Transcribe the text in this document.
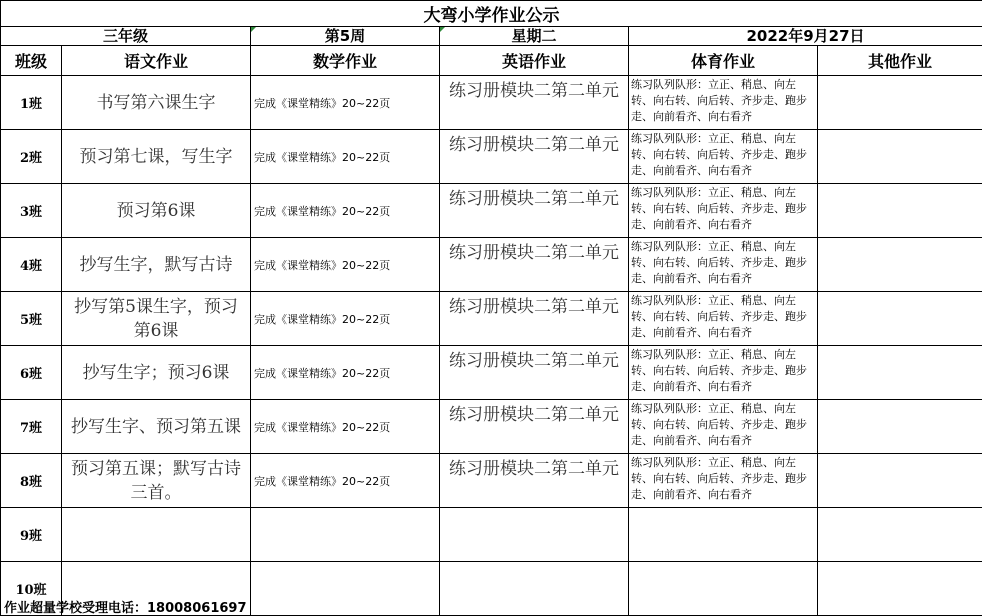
大弯小学作业公示					
三年级		第5周	星期二	2022年9月27日	
班级	语文作业	数学作业	英语作业	体育作业	其他作业
1班	书写第六课生字	完成《课堂精练》20~22页	练习册模块二第二单元	练习队列队形：立正、稍息、向左转、向右转、向后转、齐步走、跑步走、向前看齐、向右看齐	

2班	预习第七课，写生字	完成《课堂精练》20~22页	练习册模块二第二单元	练习队列队形：立正、稍息、向左转、向右转、向后转、齐步走、跑步走、向前看齐、向右看齐	

3班	预习第6课	完成《课堂精练》20~22页	练习册模块二第二单元	练习队列队形：立正、稍息、向左转、向右转、向后转、齐步走、跑步走、向前看齐、向右看齐	

4班	抄写生字，默写古诗	完成《课堂精练》20~22页	练习册模块二第二单元	练习队列队形：立正、稍息、向左转、向右转、向后转、齐步走、跑步走、向前看齐、向右看齐	

5班	抄写第5课生字，预习第6课	完成《课堂精练》20~22页	练习册模块二第二单元	练习队列队形：立正、稍息、向左转、向右转、向后转、齐步走、跑步走、向前看齐、向右看齐	

6班	抄写生字；预习6课	完成《课堂精练》20~22页	练习册模块二第二单元	练习队列队形：立正、稍息、向左转、向右转、向后转、齐步走、跑步走、向前看齐、向右看齐	

7班	抄写生字、预习第五课	完成《课堂精练》20~22页	练习册模块二第二单元	练习队列队形：立正、稍息、向左转、向右转、向后转、齐步走、跑步走、向前看齐、向右看齐	

8班	预习第五课；默写古诗三首。	完成《课堂精练》20~22页	练习册模块二第二单元	练习队列队形：立正、稍息、向左转、向右转、向后转、齐步走、跑步走、向前看齐、向右看齐	

9班				

10班				

作业超量学校受理电话：18008061697
